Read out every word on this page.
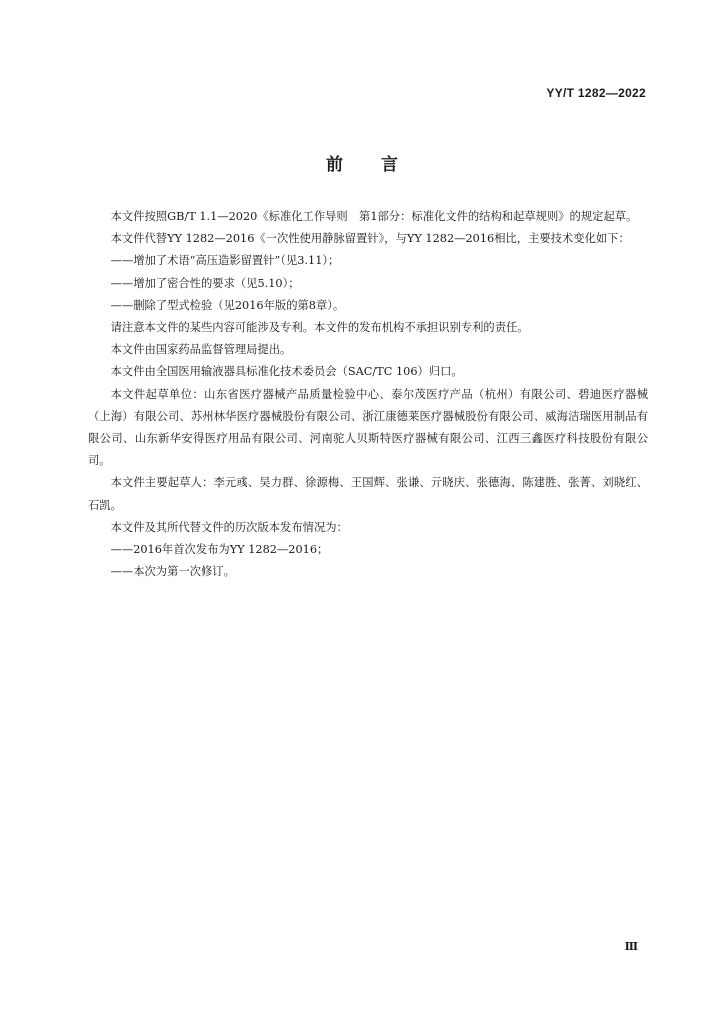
YY/T 1282—2022
前言

本文件按照GB/T 1.1—2020《标准化工作导则　第1部分：标准化文件的结构和起草规则》的规定起草。

本文件代替YY 1282—2016《一次性使用静脉留置针》，与YY 1282—2016相比，主要技术变化如下：

——增加了术语“高压造影留置针”（见3.11）；

——增加了密合性的要求（见5.10）；

——删除了型式检验（见2016年版的第8章）。

请注意本文件的某些内容可能涉及专利。本文件的发布机构不承担识别专利的责任。

本文件由国家药品监督管理局提出。

本文件由全国医用输液器具标准化技术委员会（SAC/TC 106）归口。

本文件起草单位：山东省医疗器械产品质量检验中心、泰尔茂医疗产品（杭州）有限公司、碧迪医疗器械（上海）有限公司、苏州林华医疗器械股份有限公司、浙江康德莱医疗器械股份有限公司、威海洁瑞医用制品有限公司、山东新华安得医疗用品有限公司、河南驼人贝斯特医疗器械有限公司、江西三鑫医疗科技股份有限公司。

本文件主要起草人：李元彧、吴力群、徐源梅、王国辉、张谦、亓晓庆、张德海、陈建胜、张菁、刘晓红、石凯。

本文件及其所代替文件的历次版本发布情况为：

——2016年首次发布为YY 1282—2016；

——本次为第一次修订。

Ⅲ
